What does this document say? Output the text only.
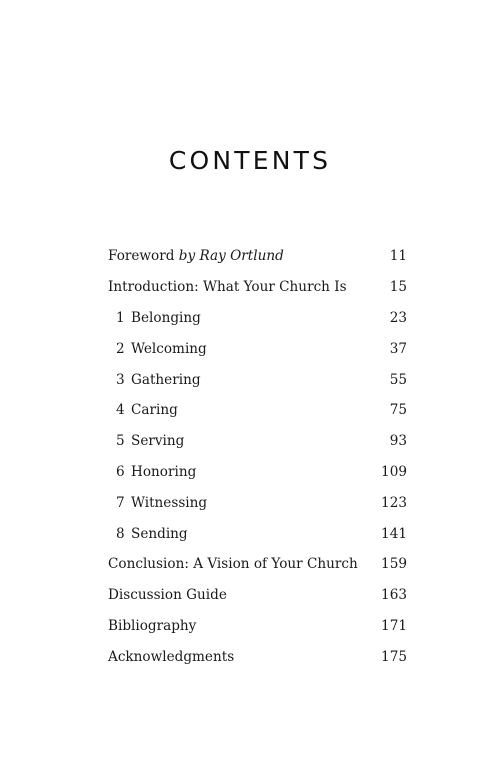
CONTENTS
Foreword by Ray Ortlund	11
Introduction: What Your Church Is	15
1 Belonging	23
2 Welcoming	37
3 Gathering	55
4 Caring	75
5 Serving	93
6 Honoring	109
7 Witnessing	123
8 Sending	141
Conclusion: A Vision of Your Church 159
Discussion Guide	163
Bibliography	171
Acknowledgments	175
